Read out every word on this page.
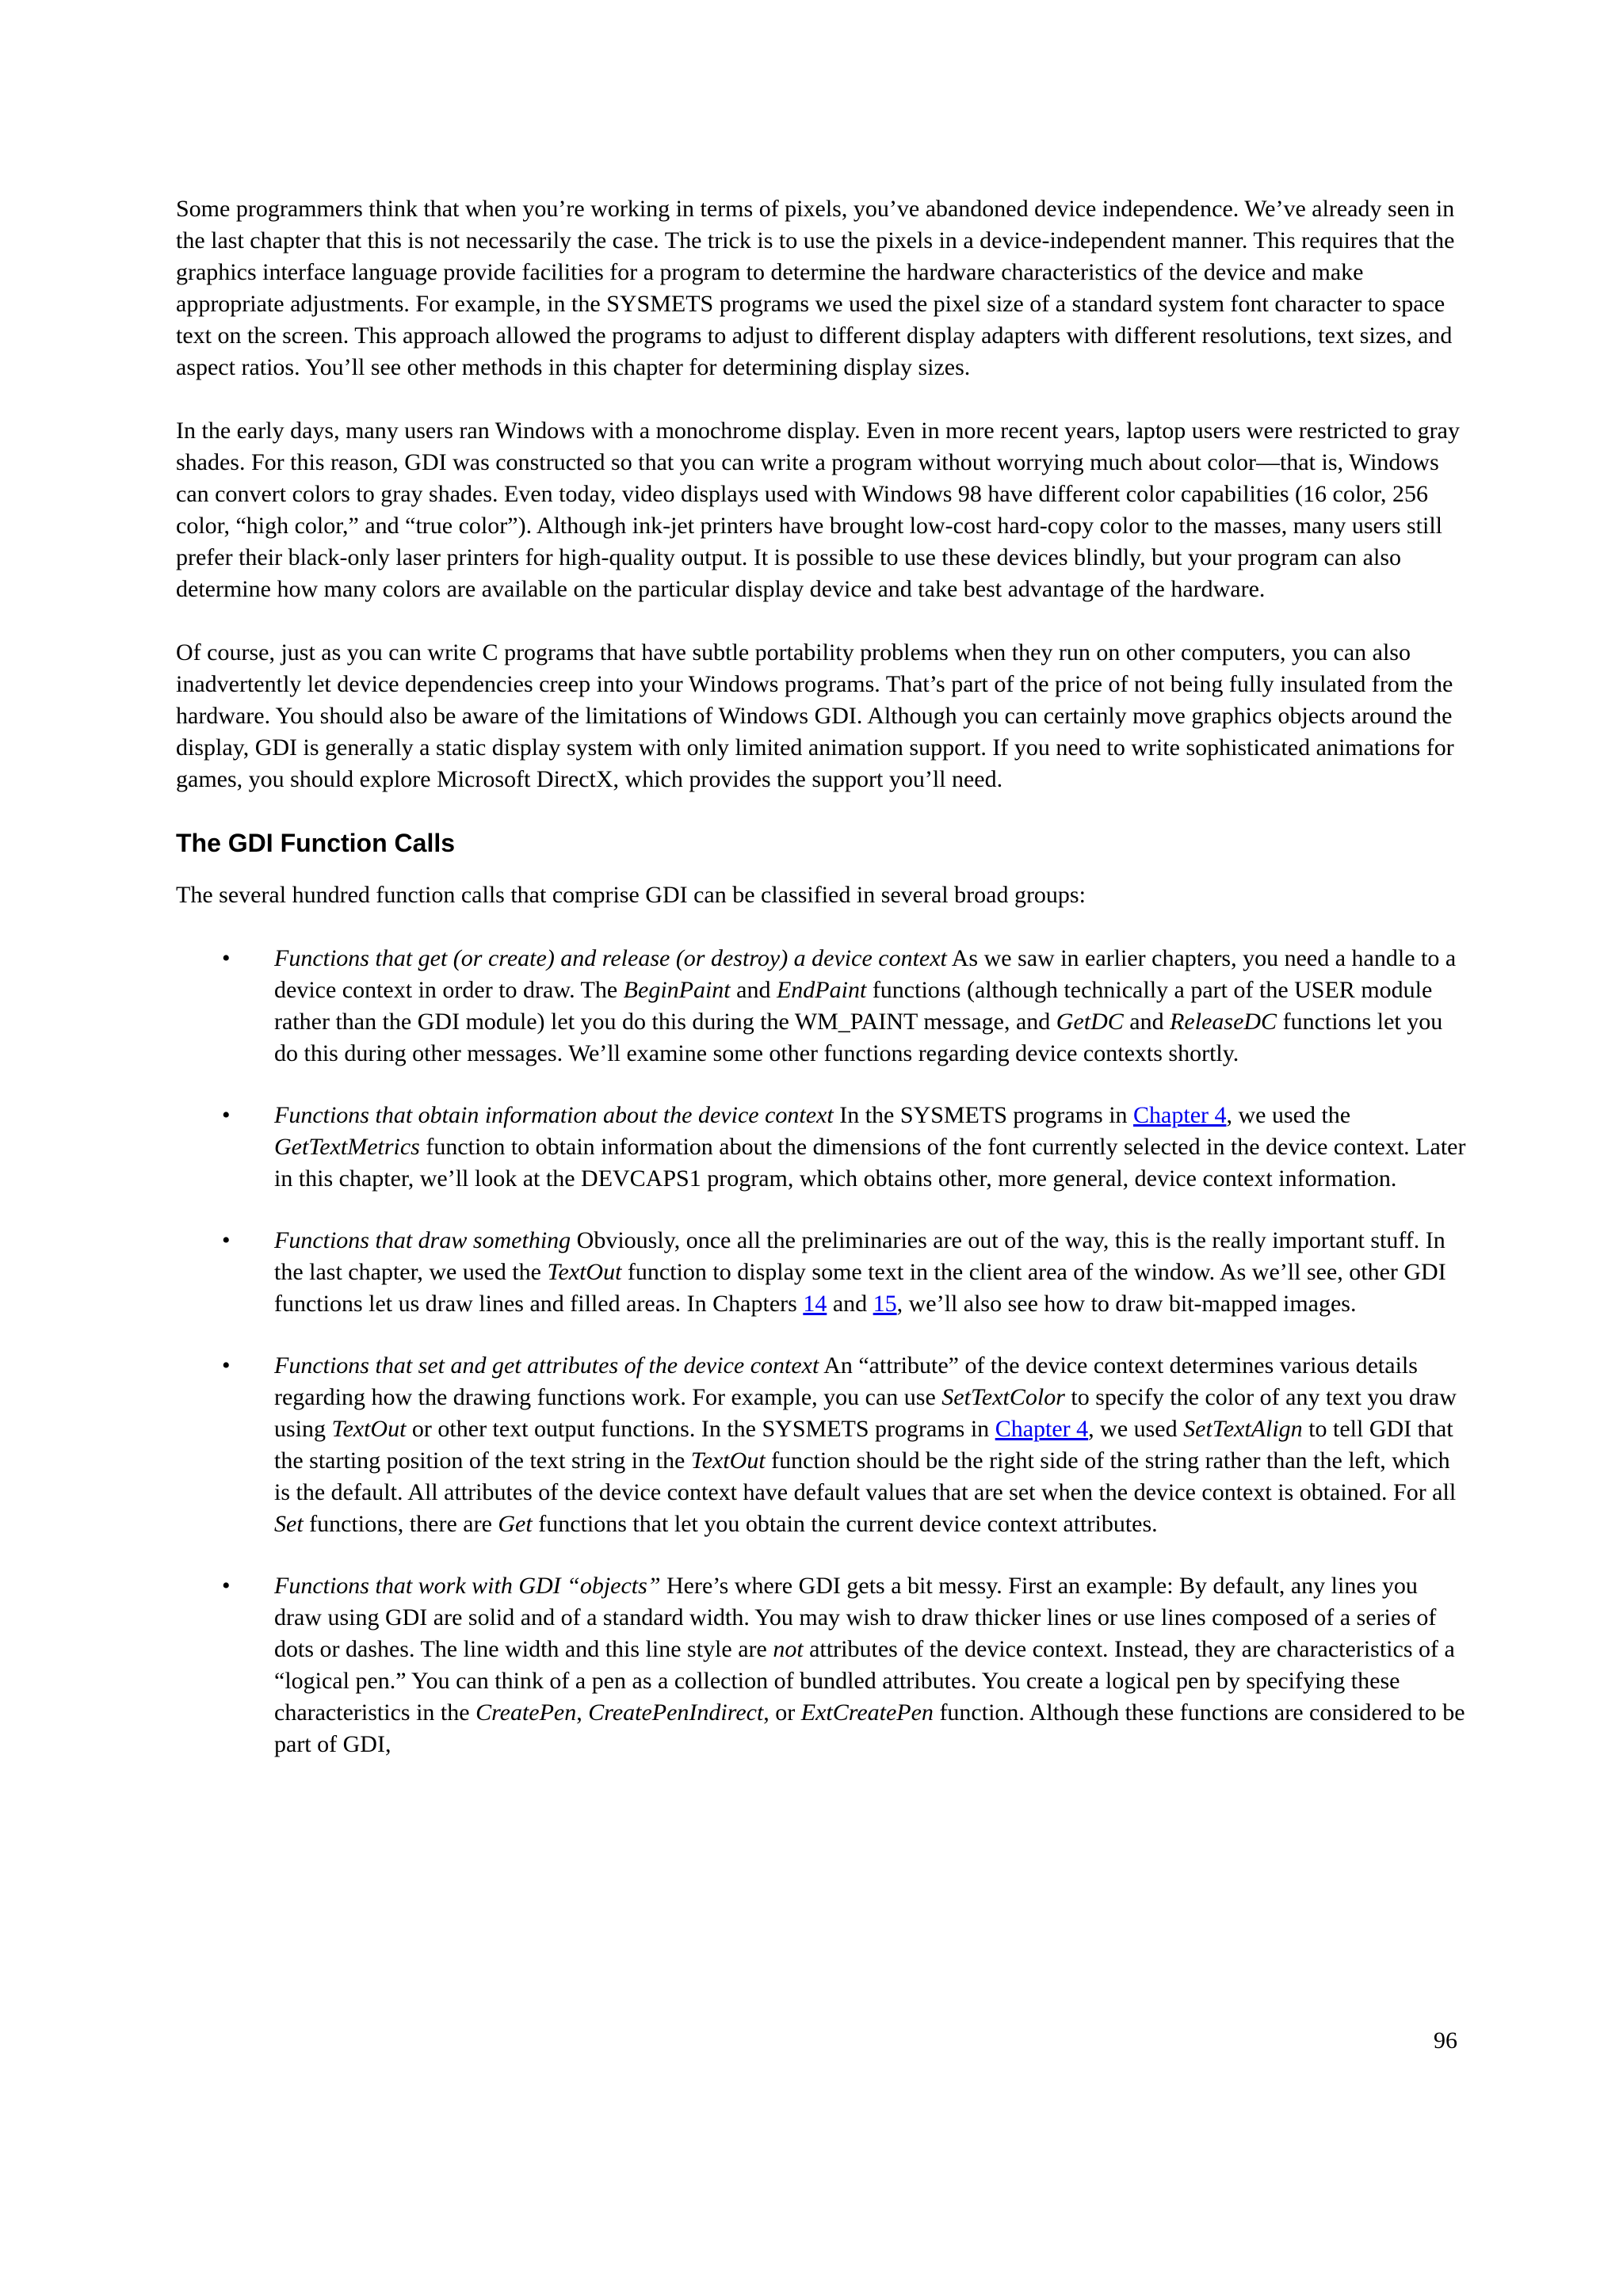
Some programmers think that when you’re working in terms of pixels, you’ve abandoned device independence. We’ve already seen in the last chapter that this is not necessarily the case. The trick is to use the pixels in a device-independent manner. This requires that the graphics interface language provide facilities for a program to determine the hardware characteristics of the device and make appropriate adjustments. For example, in the SYSMETS programs we used the pixel size of a standard system font character to space text on the screen. This approach allowed the programs to adjust to different display adapters with different resolutions, text sizes, and aspect ratios. You’ll see other methods in this chapter for determining display sizes.

In the early days, many users ran Windows with a monochrome display. Even in more recent years, laptop users were restricted to gray shades. For this reason, GDI was constructed so that you can write a program without worrying much about color—that is, Windows can convert colors to gray shades. Even today, video displays used with Windows 98 have different color capabilities (16 color, 256 color, “high color,” and “true color”). Although ink-jet printers have brought low-cost hard-copy color to the masses, many users still prefer their black-only laser printers for high-quality output. It is possible to use these devices blindly, but your program can also determine how many colors are available on the particular display device and take best advantage of the hardware.

Of course, just as you can write C programs that have subtle portability problems when they run on other computers, you can also inadvertently let device dependencies creep into your Windows programs. That’s part of the price of not being fully insulated from the hardware. You should also be aware of the limitations of Windows GDI. Although you can certainly move graphics objects around the display, GDI is generally a static display system with only limited animation support. If you need to write sophisticated animations for games, you should explore Microsoft DirectX, which provides the support you’ll need.

The GDI Function Calls

The several hundred function calls that comprise GDI can be classified in several broad groups:

• Functions that get (or create) and release (or destroy) a device context As we saw in earlier chapters, you need a handle to a device context in order to draw. The BeginPaint and EndPaint functions (although technically a part of the USER module rather than the GDI module) let you do this during the WM_PAINT message, and GetDC and ReleaseDC functions let you do this during other messages. We’ll examine some other functions regarding device contexts shortly.
• Functions that obtain information about the device context In the SYSMETS programs in Chapter 4, we used the GetTextMetrics function to obtain information about the dimensions of the font currently selected in the device context. Later in this chapter, we’ll look at the DEVCAPS1 program, which obtains other, more general, device context information.
• Functions that draw something Obviously, once all the preliminaries are out of the way, this is the really important stuff. In the last chapter, we used the TextOut function to display some text in the client area of the window. As we’ll see, other GDI functions let us draw lines and filled areas. In Chapters 14 and 15, we’ll also see how to draw bit-mapped images.
• Functions that set and get attributes of the device context An “attribute” of the device context determines various details regarding how the drawing functions work. For example, you can use SetTextColor to specify the color of any text you draw using TextOut or other text output functions. In the SYSMETS programs in Chapter 4, we used SetTextAlign to tell GDI that the starting position of the text string in the TextOut function should be the right side of the string rather than the left, which is the default. All attributes of the device context have default values that are set when the device context is obtained. For all Set functions, there are Get functions that let you obtain the current device context attributes.
• Functions that work with GDI “objects” Here’s where GDI gets a bit messy. First an example: By default, any lines you draw using GDI are solid and of a standard width. You may wish to draw thicker lines or use lines composed of a series of dots or dashes. The line width and this line style are not attributes of the device context. Instead, they are characteristics of a “logical pen.” You can think of a pen as a collection of bundled attributes. You create a logical pen by specifying these characteristics in the CreatePen, CreatePenIndirect, or ExtCreatePen function. Although these functions are considered to be part of GDI,
96
